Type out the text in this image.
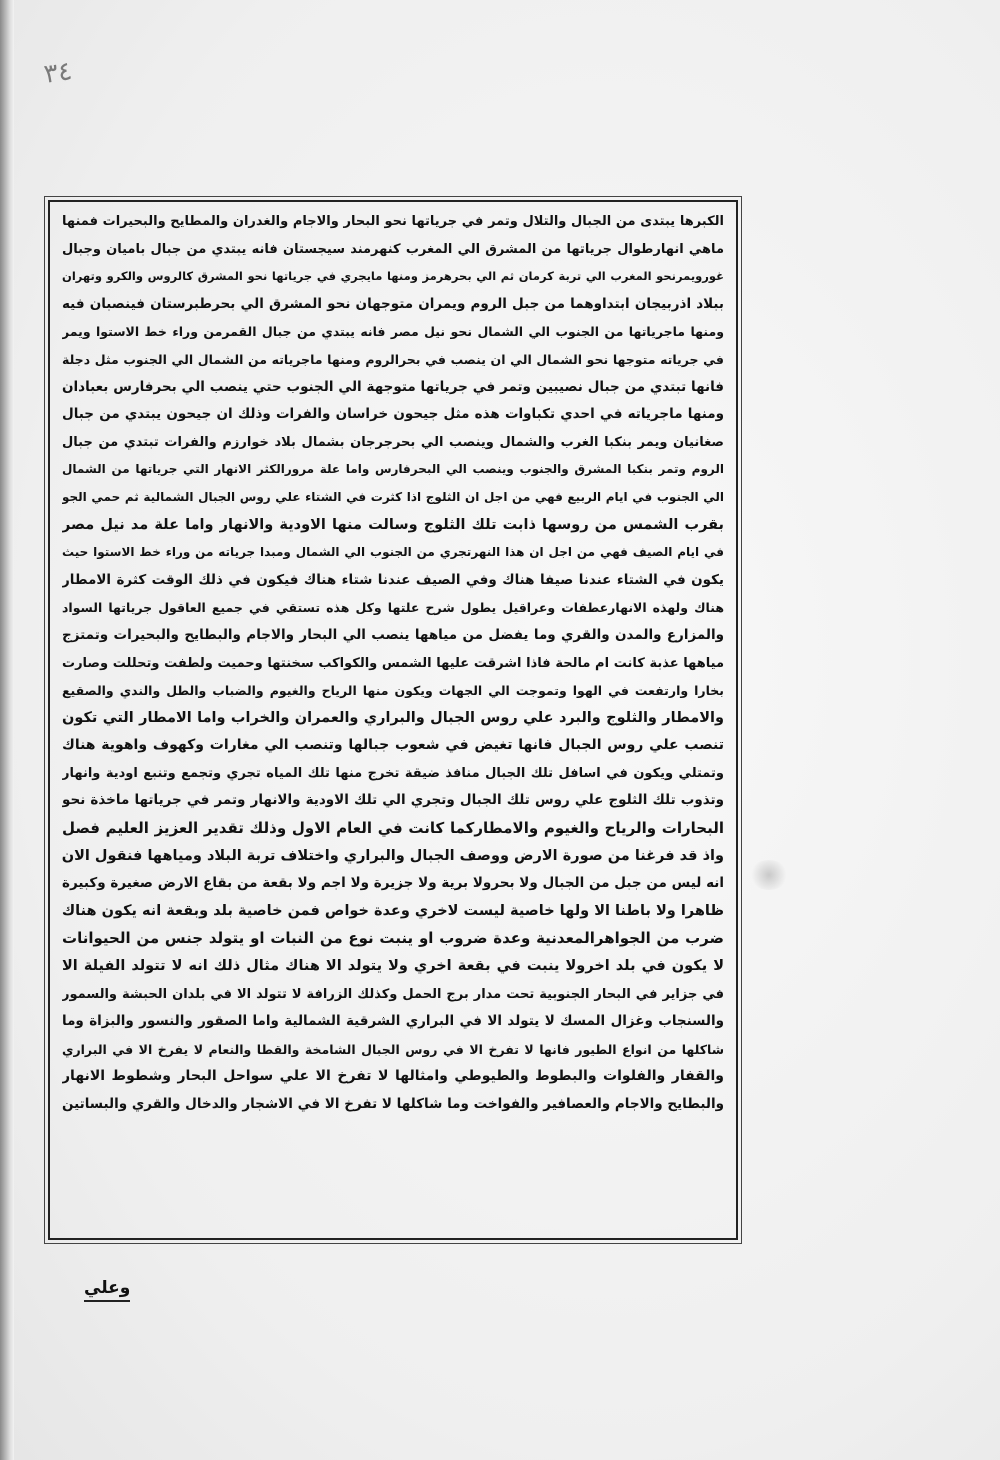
٣٤
الكبرها يبتدى من الجبال والتلال وتمر في جرياتها نحو البحار والاجام والغدران والمطايح والبحيرات فمنها
ماهي انهارطوال جرياتها من المشرق الي المغرب كنهرمند سيجستان فانه يبتدي من جبال باميان وجبال
غورويمرنحو المغرب الي تربة كرمان ثم الي بحرهرمز ومنها مايجري في جرياتها نحو المشرق كالروس والكرو وتهران
ببلاد اذربيجان ابتداوهما من جبل الروم ويمران متوجهان نحو المشرق الي بحرطبرستان فينصبان فيه
ومنها ماجرياتها من الجنوب الي الشمال نحو نيل مصر فانه يبتدي من جبال القمرمن وراء خط الاستوا ويمر
في جرياته متوجها نحو الشمال الي ان ينصب في بحرالروم ومنها ماجرياته من الشمال الي الجنوب مثل دجلة
فانها تبتدي من جبال نصيبين وتمر في جرياتها متوجهة الي الجنوب حتي ينصب الي بحرفارس بعبادان
ومنها ماجرياته في احدي تكباوات هذه مثل جيحون خراسان والفرات وذلك ان جيحون يبتدي من جبال
صغانيان ويمر بنكبا الغرب والشمال وينصب الي بحرجرجان بشمال بلاد خوارزم والفرات تبتدي من جبال
الروم وتمر بنكبا المشرق والجنوب وينصب الي البحرفارس واما علة مرورالكثر الانهار التي جرياتها من الشمال
الي الجنوب في ايام الربيع فهي من اجل ان الثلوج اذا كثرت في الشتاء علي روس الجبال الشمالية ثم حمي الجو
بقرب الشمس من روسها ذابت تلك الثلوج وسالت منها الاودية والانهار واما علة مد نيل مصر
في ايام الصيف فهي من اجل ان هذا النهرتجري من الجنوب الي الشمال ومبدا جرياته من وراء خط الاستوا حيث
يكون في الشتاء عندنا صيفا هناك وفي الصيف عندنا شتاء هناك فيكون في ذلك الوقت كثرة الامطار
هناك ولهذه الانهارعطفات وعراقيل يطول شرح علتها وكل هذه تستقي في جميع العاقول جرياتها السواد
والمزارع والمدن والقري وما يفضل من مياهها ينصب الي البحار والاجام والبطايح والبحيرات وتمتزج
مياهها عذبة كانت ام مالحة فاذا اشرقت عليها الشمس والكواكب سخنتها وحميت ولطفت وتحللت وصارت
بخارا وارتفعت في الهوا وتموجت الي الجهات ويكون منها الرياح والغيوم والضباب والطل والندي والصقيع
والامطار والثلوج والبرد علي روس الجبال والبراري والعمران والخراب واما الامطار التي تكون
تنصب علي روس الجبال فانها تغيض في شعوب جبالها وتنصب الي مغارات وكهوف واهوية هناك
وتمتلي ويكون في اسافل تلك الجبال منافذ ضيقة تخرج منها تلك المياه تجري وتجمع وتنبع اودية وانهار
وتذوب تلك الثلوج علي روس تلك الجبال وتجري الي تلك الاودية والانهار وتمر في جرياتها ماخذة نحو
البحارات والرياح والغيوم والامطاركما كانت في العام الاول وذلك تقدير العزيز العليم فصل
واذ قد فرغنا من صورة الارض ووصف الجبال والبراري واختلاف تربة البلاد ومياهها فنقول الان
انه ليس من جبل من الجبال ولا بحرولا برية ولا جزيرة ولا اجم ولا بقعة من بقاع الارض صغيرة وكبيرة
ظاهرا ولا باطنا الا ولها خاصية ليست لاخري وعدة خواص فمن خاصية بلد وبقعة انه يكون هناك
ضرب من الجواهرالمعدنية وعدة ضروب او ينبت نوع من النبات او يتولد جنس من الحيوانات
لا يكون في بلد اخرولا ينبت في بقعة اخري ولا يتولد الا هناك مثال ذلك انه لا تتولد الفيلة الا
في جزاير في البحار الجنوبية تحت مدار برج الحمل وكذلك الزرافة لا تتولد الا في بلدان الحبشة والسمور
والسنجاب وغزال المسك لا يتولد الا في البراري الشرقية الشمالية واما الصقور والنسور والبزاة وما
شاكلها من انواع الطيور فانها لا تفرخ الا في روس الجبال الشامخة والقطا والنعام لا يفرخ الا في البراري
والقفار والفلوات والبطوط والطيوطي وامثالها لا تفرخ الا علي سواحل البحار وشطوط الانهار
والبطايح والاجام والعصافير والفواخت وما شاكلها لا تفرخ الا في الاشجار والدخال والقري والبساتين
وعلي
